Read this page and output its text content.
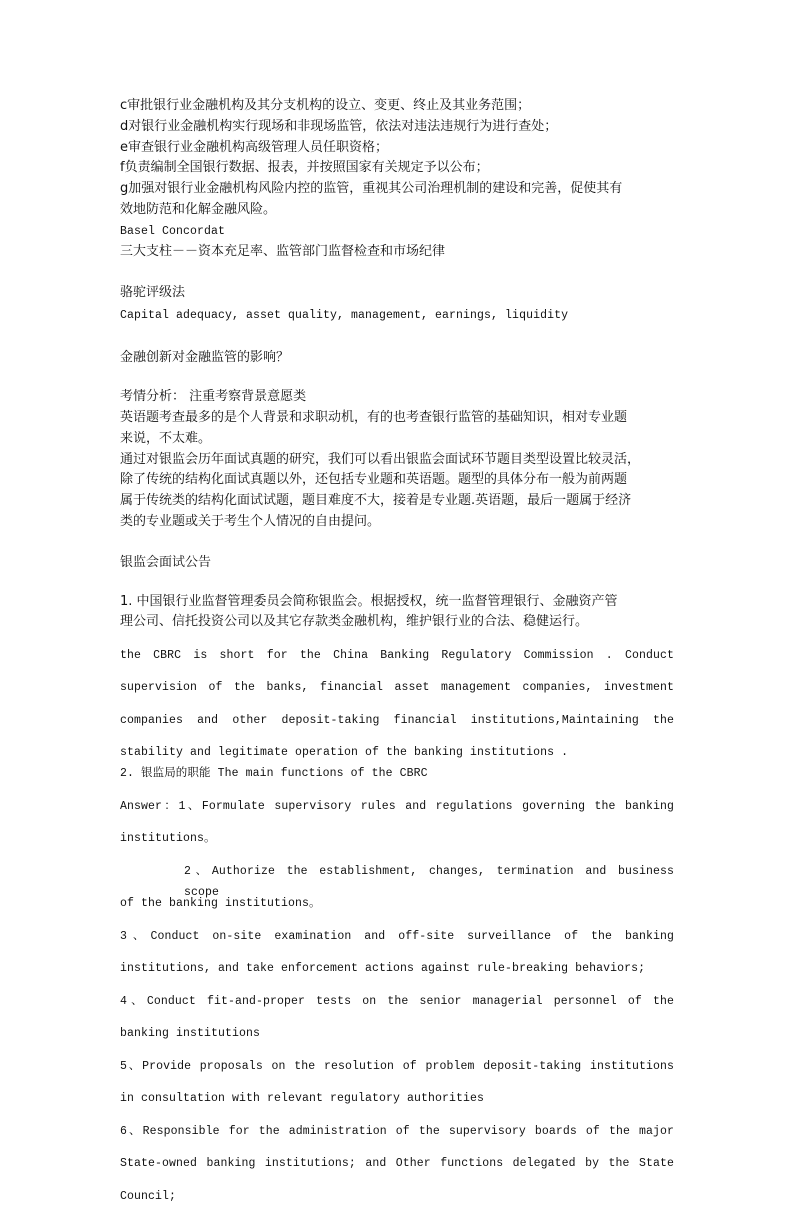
c审批银行业金融机构及其分支机构的设立、变更、终止及其业务范围；

d对银行业金融机构实行现场和非现场监管，依法对违法违规行为进行查处；

e审查银行业金融机构高级管理人员任职资格；

f负责编制全国银行数据、报表，并按照国家有关规定予以公布；

g加强对银行业金融机构风险内控的监管，重视其公司治理机制的建设和完善，促使其有

效地防范和化解金融风险。

Basel Concordat

三大支柱－－资本充足率、监管部门监督检查和市场纪律

骆驼评级法

Capital adequacy, asset quality, management, earnings, liquidity

金融创新对金融监管的影响？

考情分析： 注重考察背景意愿类

英语题考查最多的是个人背景和求职动机，有的也考查银行监管的基础知识，相对专业题

来说，不太难。

通过对银监会历年面试真题的研究，我们可以看出银监会面试环节题目类型设置比较灵活，

除了传统的结构化面试真题以外，还包括专业题和英语题。题型的具体分布一般为前两题

属于传统类的结构化面试试题，题目难度不大，接着是专业题.英语题，最后一题属于经济

类的专业题或关于考生个人情况的自由提问。

银监会面试公告

1. 中国银行业监督管理委员会简称银监会。根据授权，统一监督管理银行、金融资产管

理公司、信托投资公司以及其它存款类金融机构，维护银行业的合法、稳健运行。

the CBRC is short for the China Banking Regulatory Commission . Conduct

supervision of the banks, financial asset management companies, investment

companies and other deposit-taking financial institutions,Maintaining the

stability and legitimate operation of the banking institutions .

2. 银监局的职能 The main functions of the CBRC

Answer：1、Formulate supervisory rules and regulations governing the banking

institutions。

2、Authorize the establishment, changes, termination and business scope

of the banking institutions。

3、Conduct on-site examination and off-site surveillance of the banking

institutions, and take enforcement actions against rule-breaking behaviors;

4、Conduct fit-and-proper tests on the senior managerial personnel of the

banking institutions

5、Provide proposals on the resolution of problem deposit-taking institutions

in consultation with relevant regulatory authorities

6、Responsible for the administration of the supervisory boards of the major

State-owned banking institutions; and Other functions delegated by the State

Council;
